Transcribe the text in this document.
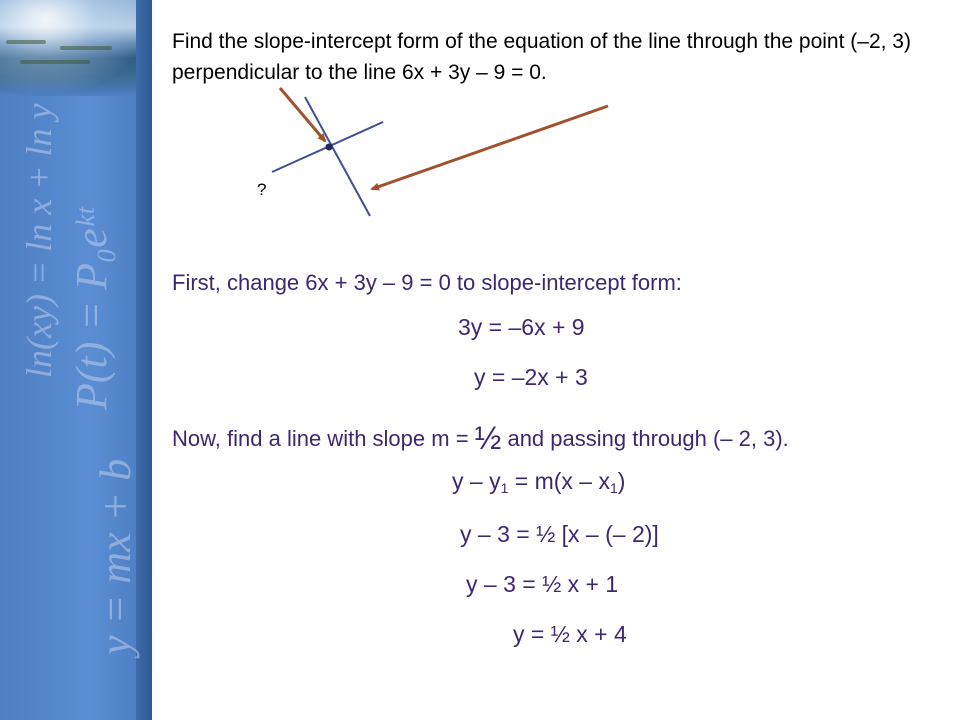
ln(xy) = ln x + ln y P(t) = P₀eᵏᵗ
y = mx + b
Find the slope-intercept form of the equation of the line through the point (–2, 3) perpendicular to the line 6x + 3y – 9 = 0.
?
First, change 6x + 3y – 9 = 0 to slope-intercept form:
3y = –6x + 9
y = –2x + 3
Now, find a line with slope m = ½ and passing through (– 2, 3).
$y - y_1 = m(x - x_1)$
y – 3 = ½ [x – (– 2)]
y – 3 = ½ x + 1
y = ½ x + 4
